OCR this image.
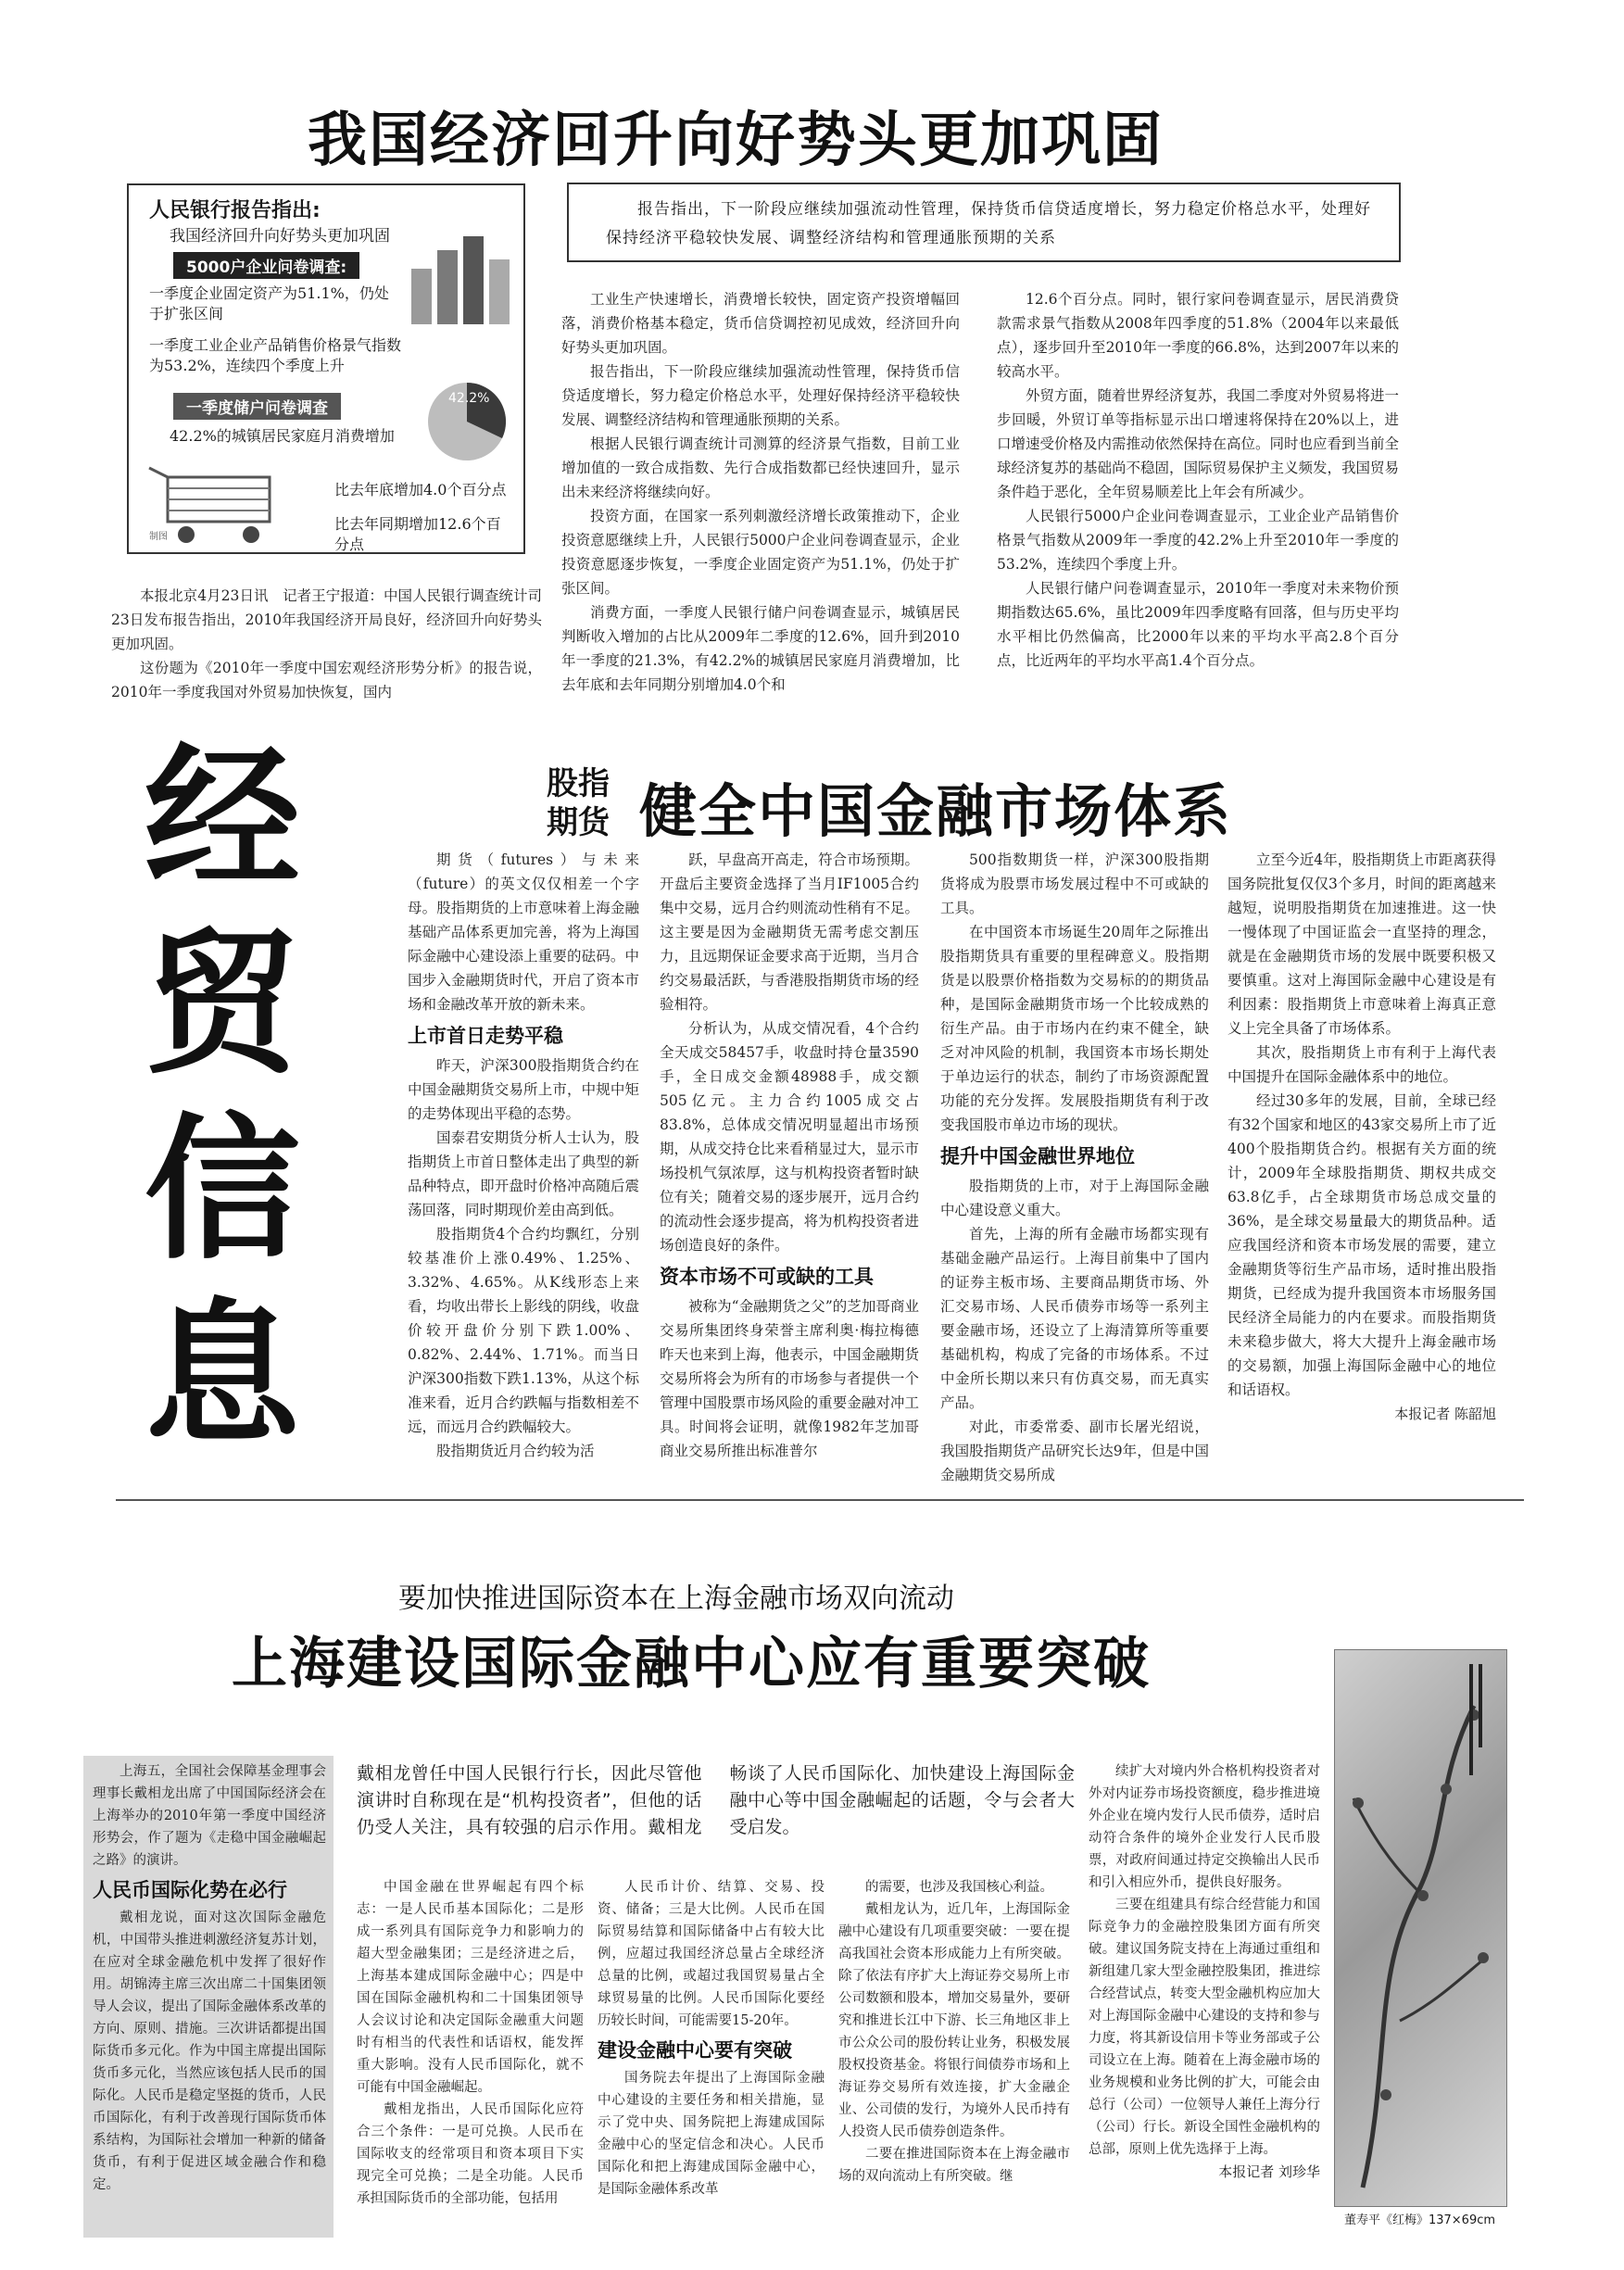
我国经济回升向好势头更加巩固
报告指出，下一阶段应继续加强流动性管理，保持货币信贷适度增长，努力稳定价格总水平，处理好保持经济平稳较快发展、调整经济结构和管理通胀预期的关系
人民银行报告指出:
我国经济回升向好势头更加巩固
5000户企业问卷调查:
一季度企业固定资产为51.1%，仍处于扩张区间
一季度工业企业产品销售价格景气指数为53.2%，连续四个季度上升
一季度储户问卷调查
42.2%
42.2%的城镇居民家庭月消费增加
制图
比去年底增加4.0个百分点
比去年同期增加12.6个百分点

本报北京4月23日讯　记者王宁报道：中国人民银行调查统计司23日发布报告指出，2010年我国经济开局良好，经济回升向好势头更加巩固。

这份题为《2010年一季度中国宏观经济形势分析》的报告说，2010年一季度我国对外贸易加快恢复，国内

工业生产快速增长，消费增长较快，固定资产投资增幅回落，消费价格基本稳定，货币信贷调控初见成效，经济回升向好势头更加巩固。

报告指出，下一阶段应继续加强流动性管理，保持货币信贷适度增长，努力稳定价格总水平，处理好保持经济平稳较快发展、调整经济结构和管理通胀预期的关系。

根据人民银行调查统计司测算的经济景气指数，目前工业增加值的一致合成指数、先行合成指数都已经快速回升，显示出未来经济将继续向好。

投资方面，在国家一系列刺激经济增长政策推动下，企业投资意愿继续上升，人民银行5000户企业问卷调查显示，企业投资意愿逐步恢复，一季度企业固定资产为51.1%，仍处于扩张区间。

消费方面，一季度人民银行储户问卷调查显示，城镇居民判断收入增加的占比从2009年二季度的12.6%，回升到2010年一季度的21.3%，有42.2%的城镇居民家庭月消费增加，比去年底和去年同期分别增加4.0个和

12.6个百分点。同时，银行家问卷调查显示，居民消费贷款需求景气指数从2008年四季度的51.8%（2004年以来最低点），逐步回升至2010年一季度的66.8%，达到2007年以来的较高水平。

外贸方面，随着世界经济复苏，我国二季度对外贸易将进一步回暖，外贸订单等指标显示出口增速将保持在20%以上，进口增速受价格及内需推动依然保持在高位。同时也应看到当前全球经济复苏的基础尚不稳固，国际贸易保护主义频发，我国贸易条件趋于恶化，全年贸易顺差比上年会有所减少。

人民银行5000户企业问卷调查显示，工业企业产品销售价格景气指数从2009年一季度的42.2%上升至2010年一季度的53.2%，连续四个季度上升。

人民银行储户问卷调查显示，2010年一季度对未来物价预期指数达65.6%，虽比2009年四季度略有回落，但与历史平均水平相比仍然偏高，比2000年以来的平均水平高2.8个百分点，比近两年的平均水平高1.4个百分点。

经
贸
信
息
股指
期货 健全中国金融市场体系

期货（futures）与未来（future）的英文仅仅相差一个字母。股指期货的上市意味着上海金融基础产品体系更加完善，将为上海国际金融中心建设添上重要的砝码。中国步入金融期货时代，开启了资本市场和金融改革开放的新未来。

上市首日走势平稳

昨天，沪深300股指期货合约在中国金融期货交易所上市，中规中矩的走势体现出平稳的态势。

国泰君安期货分析人士认为，股指期货上市首日整体走出了典型的新品种特点，即开盘时价格冲高随后震荡回落，同时期现价差由高到低。

股指期货4个合约均飘红，分别较基准价上涨0.49%、1.25%、3.32%、4.65%。从K线形态上来看，均收出带长上影线的阴线，收盘价较开盘价分别下跌1.00%、0.82%、2.44%、1.71%。而当日沪深300指数下跌1.13%，从这个标准来看，近月合约跌幅与指数相差不远，而远月合约跌幅较大。

股指期货近月合约较为活

跃，早盘高开高走，符合市场预期。开盘后主要资金选择了当月IF1005合约集中交易，远月合约则流动性稍有不足。这主要是因为金融期货无需考虑交割压力，且远期保证金要求高于近期，当月合约交易最活跃，与香港股指期货市场的经验相符。

分析认为，从成交情况看，4个合约全天成交58457手，收盘时持仓量3590手，全日成交金额48988手，成交额505亿元。主力合约1005成交占83.8%，总体成交情况明显超出市场预期，从成交持仓比来看稍显过大，显示市场投机气氛浓厚，这与机构投资者暂时缺位有关；随着交易的逐步展开，远月合约的流动性会逐步提高，将为机构投资者进场创造良好的条件。

资本市场不可或缺的工具

被称为“金融期货之父”的芝加哥商业交易所集团终身荣誉主席利奥·梅拉梅德昨天也来到上海，他表示，中国金融期货交易所将会为所有的市场参与者提供一个管理中国股票市场风险的重要金融对冲工具。时间将会证明，就像1982年芝加哥商业交易所推出标准普尔

500指数期货一样，沪深300股指期货将成为股票市场发展过程中不可或缺的工具。

在中国资本市场诞生20周年之际推出股指期货具有重要的里程碑意义。股指期货是以股票价格指数为交易标的的期货品种，是国际金融期货市场一个比较成熟的衍生产品。由于市场内在约束不健全，缺乏对冲风险的机制，我国资本市场长期处于单边运行的状态，制约了市场资源配置功能的充分发挥。发展股指期货有利于改变我国股市单边市场的现状。

提升中国金融世界地位

股指期货的上市，对于上海国际金融中心建设意义重大。

首先，上海的所有金融市场都实现有基础金融产品运行。上海目前集中了国内的证券主板市场、主要商品期货市场、外汇交易市场、人民币债券市场等一系列主要金融市场，还设立了上海清算所等重要基础机构，构成了完备的市场体系。不过中金所长期以来只有仿真交易，而无真实产品。

对此，市委常委、副市长屠光绍说，我国股指期货产品研究长达9年，但是中国金融期货交易所成

立至今近4年，股指期货上市距离获得国务院批复仅仅3个多月，时间的距离越来越短，说明股指期货在加速推进。这一快一慢体现了中国证监会一直坚持的理念，就是在金融期货市场的发展中既要积极又要慎重。这对上海国际金融中心建设是有利因素：股指期货上市意味着上海真正意义上完全具备了市场体系。

其次，股指期货上市有利于上海代表中国提升在国际金融体系中的地位。

经过30多年的发展，目前，全球已经有32个国家和地区的43家交易所上市了近400个股指期货合约。根据有关方面的统计，2009年全球股指期货、期权共成交63.8亿手，占全球期货市场总成交量的36%，是全球交易量最大的期货品种。适应我国经济和资本市场发展的需要，建立金融期货等衍生产品市场，适时推出股指期货，已经成为提升我国资本市场服务国民经济全局能力的内在要求。而股指期货未来稳步做大，将大大提升上海金融市场的交易额，加强上海国际金融中心的地位和话语权。

本报记者 陈韶旭
要加快推进国际资本在上海金融市场双向流动
上海建设国际金融中心应有重要突破

上海五，全国社会保障基金理事会理事长戴相龙出席了中国国际经济会在上海举办的2010年第一季度中国经济形势会，作了题为《走稳中国金融崛起之路》的演讲。

人民币国际化势在必行

戴相龙说，面对这次国际金融危机，中国带头推进刺激经济复苏计划，在应对全球金融危机中发挥了很好作用。胡锦涛主席三次出席二十国集团领导人会议，提出了国际金融体系改革的方向、原则、措施。三次讲话都提出国际货币多元化。作为中国主席提出国际货币多元化，当然应该包括人民币的国际化。人民币是稳定坚挺的货币，人民币国际化，有利于改善现行国际货币体系结构，为国际社会增加一种新的储备货币，有利于促进区域金融合作和稳定。

戴相龙曾任中国人民银行行长，因此尽管他演讲时自称现在是“机构投资者”，但他的话仍受人关注，具有较强的启示作用。戴相龙畅谈了人民币国际化、加快建设上海国际金融中心等中国金融崛起的话题，令与会者大受启发。

中国金融在世界崛起有四个标志：一是人民币基本国际化；二是形成一系列具有国际竞争力和影响力的超大型金融集团；三是经济进之后，上海基本建成国际金融中心；四是中国在国际金融机构和二十国集团领导人会议讨论和决定国际金融重大问题时有相当的代表性和话语权，能发挥重大影响。没有人民币国际化，就不可能有中国金融崛起。

戴相龙指出，人民币国际化应符合三个条件：一是可兑换。人民币在国际收支的经常项目和资本项目下实现完全可兑换；二是全功能。人民币承担国际货币的全部功能，包括用

人民币计价、结算、交易、投资、储备；三是大比例。人民币在国际贸易结算和国际储备中占有较大比例，应超过我国经济总量占全球经济总量的比例，或超过我国贸易量占全球贸易量的比例。人民币国际化要经历较长时间，可能需要15-20年。

建设金融中心要有突破

国务院去年提出了上海国际金融中心建设的主要任务和相关措施，显示了党中央、国务院把上海建成国际金融中心的坚定信念和决心。人民币国际化和把上海建成国际金融中心，是国际金融体系改革

的需要，也涉及我国核心利益。

戴相龙认为，近几年，上海国际金融中心建设有几项重要突破：一要在提高我国社会资本形成能力上有所突破。除了依法有序扩大上海证券交易所上市公司数额和股本，增加交易量外，要研究和推进长江中下游、长三角地区非上市公众公司的股份转让业务，积极发展股权投资基金。将银行间债券市场和上海证券交易所有效连接，扩大金融企业、公司债的发行，为境外人民币持有人投资人民币债券创造条件。

二要在推进国际资本在上海金融市场的双向流动上有所突破。继

续扩大对境内外合格机构投资者对外对内证券市场投资额度，稳步推进境外企业在境内发行人民币债券，适时启动符合条件的境外企业发行人民币股票，对政府间通过持定交换输出人民币和引入相应外币，提供良好服务。

三要在组建具有综合经营能力和国际竞争力的金融控股集团方面有所突破。建议国务院支持在上海通过重组和新组建几家大型金融控股集团，推进综合经营试点，转变大型金融机构应加大对上海国际金融中心建设的支持和参与力度，将其新设信用卡等业务部或子公司设立在上海。随着在上海金融市场的业务规模和业务比例的扩大，可能会由总行（公司）一位领导人兼任上海分行（公司）行长。新设全国性金融机构的总部，原则上优先选择于上海。

本报记者 刘珍华
董寿平《红梅》137×69cm
